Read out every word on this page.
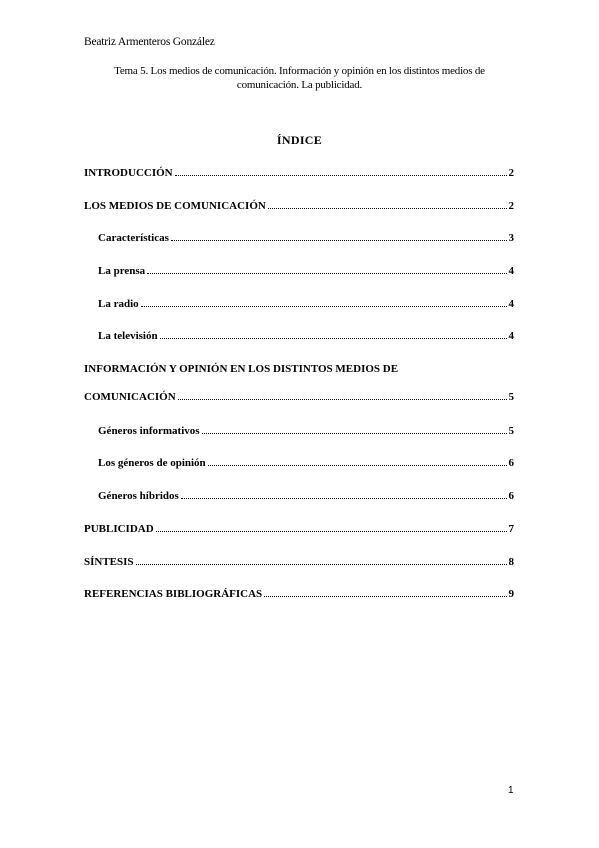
Beatriz Armenteros González
Tema 5. Los medios de comunicación. Información y opinión en los distintos medios de comunicación. La publicidad.
ÍNDICE
INTRODUCCIÓN	2
LOS MEDIOS DE COMUNICACIÓN	2
Características	3
La prensa	4
La radio	4
La televisión	4
INFORMACIÓN Y OPINIÓN EN LOS DISTINTOS MEDIOS DE
COMUNICACIÓN	5
Géneros informativos	5
Los géneros de opinión	6
Géneros híbridos	6
PUBLICIDAD	7
SÍNTESIS	8
REFERENCIAS BIBLIOGRÁFICAS	9
1
